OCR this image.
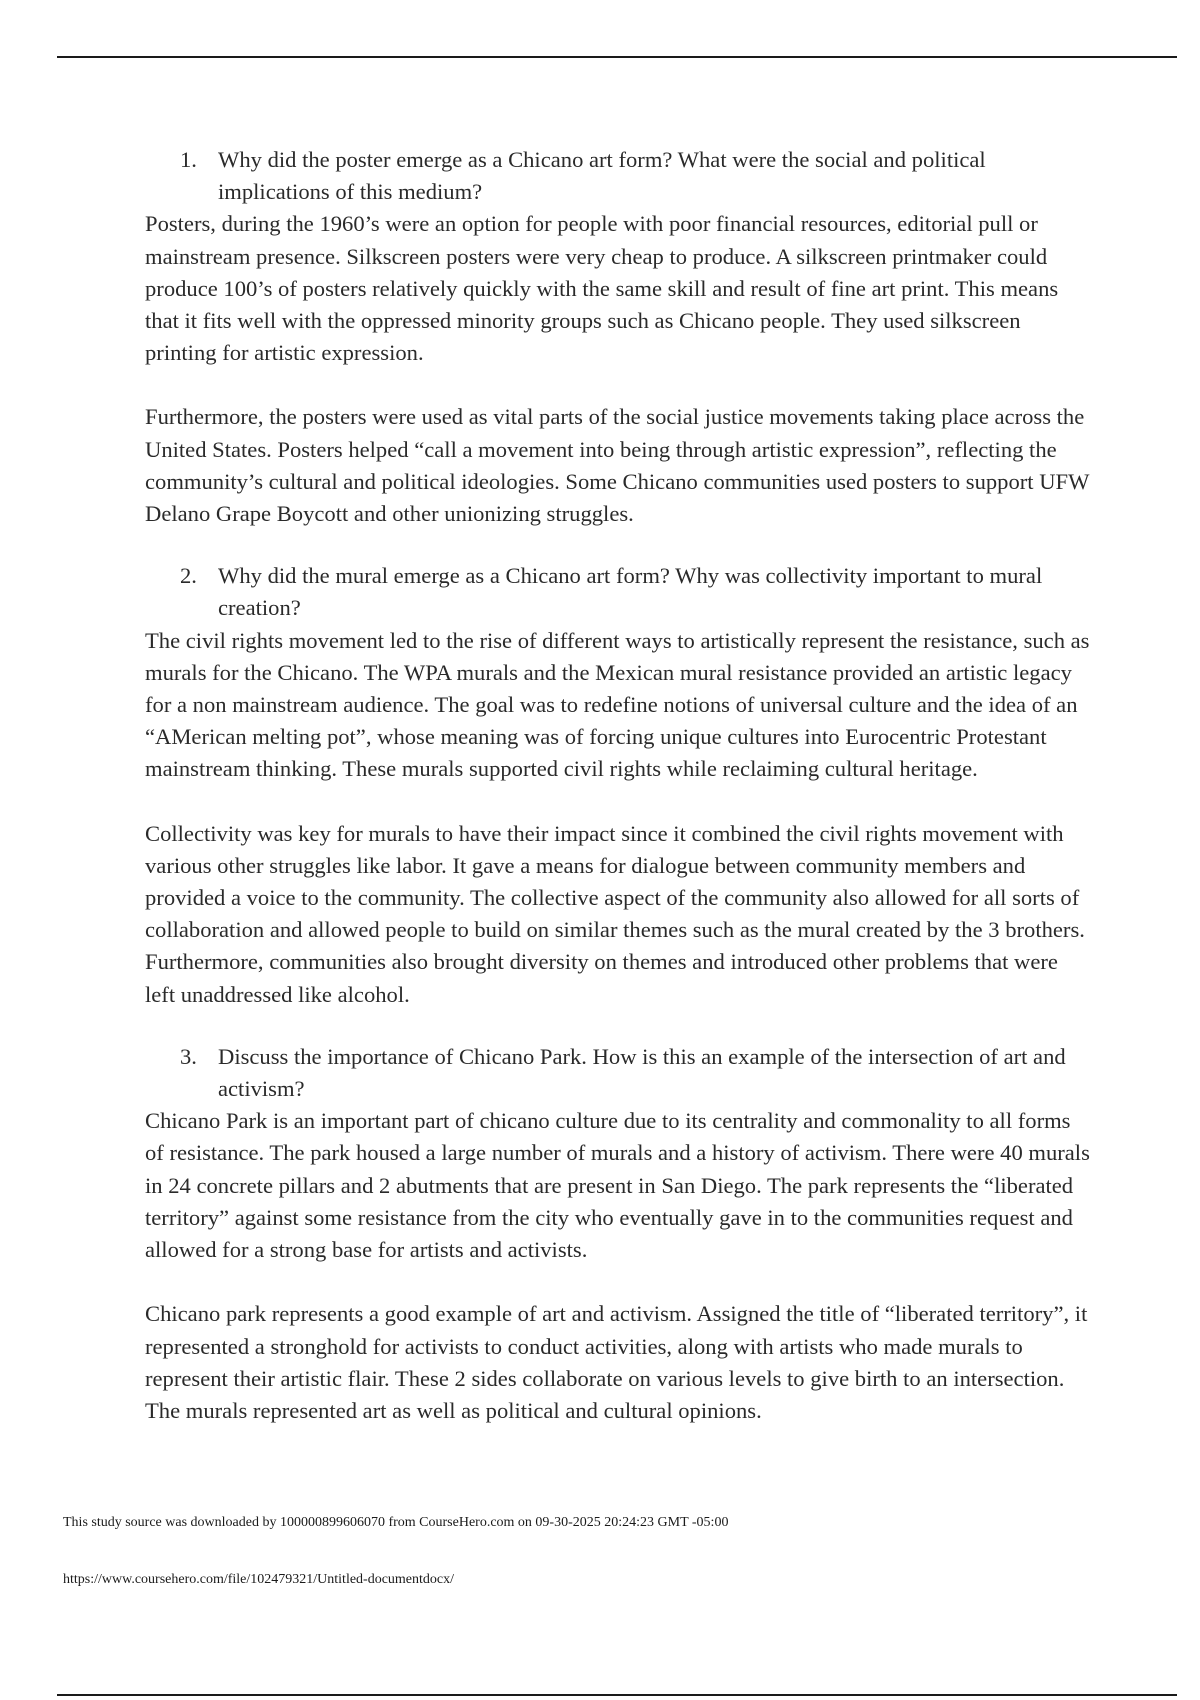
1. Why did the poster emerge as a Chicano art form? What were the social and political implications of this medium?

Posters, during the 1960’s were an option for people with poor financial resources, editorial pull or mainstream presence. Silkscreen posters were very cheap to produce. A silkscreen printmaker could produce 100’s of posters relatively quickly with the same skill and result of fine art print. This means that it fits well with the oppressed minority groups such as Chicano people. They used silkscreen printing for artistic expression.

Furthermore, the posters were used as vital parts of the social justice movements taking place across the United States. Posters helped “call a movement into being through artistic expression”, reflecting the community’s cultural and political ideologies. Some Chicano communities used posters to support UFW Delano Grape Boycott and other unionizing struggles.

2. Why did the mural emerge as a Chicano art form? Why was collectivity important to mural creation?

The civil rights movement led to the rise of different ways to artistically represent the resistance, such as murals for the Chicano. The WPA murals and the Mexican mural resistance provided an artistic legacy for a non mainstream audience. The goal was to redefine notions of universal culture and the idea of an “AMerican melting pot”, whose meaning was of forcing unique cultures into Eurocentric Protestant mainstream thinking. These murals supported civil rights while reclaiming cultural heritage.

Collectivity was key for murals to have their impact since it combined the civil rights movement with various other struggles like labor. It gave a means for dialogue between community members and provided a voice to the community. The collective aspect of the community also allowed for all sorts of collaboration and allowed people to build on similar themes such as the mural created by the 3 brothers. Furthermore, communities also brought diversity on themes and introduced other problems that were left unaddressed like alcohol.

3. Discuss the importance of Chicano Park. How is this an example of the intersection of art and activism?

Chicano Park is an important part of chicano culture due to its centrality and commonality to all forms of resistance. The park housed a large number of murals and a history of activism. There were 40 murals in 24 concrete pillars and 2 abutments that are present in San Diego. The park represents the “liberated territory” against some resistance from the city who eventually gave in to the communities request and allowed for a strong base for artists and activists.

Chicano park represents a good example of art and activism. Assigned the title of “liberated territory”, it represented a stronghold for activists to conduct activities, along with artists who made murals to represent their artistic flair. These 2 sides collaborate on various levels to give birth to an intersection. The murals represented art as well as political and cultural opinions.

This study source was downloaded by 100000899606070 from CourseHero.com on 09-30-2025 20:24:23 GMT -05:00
https://www.coursehero.com/file/102479321/Untitled-documentdocx/
